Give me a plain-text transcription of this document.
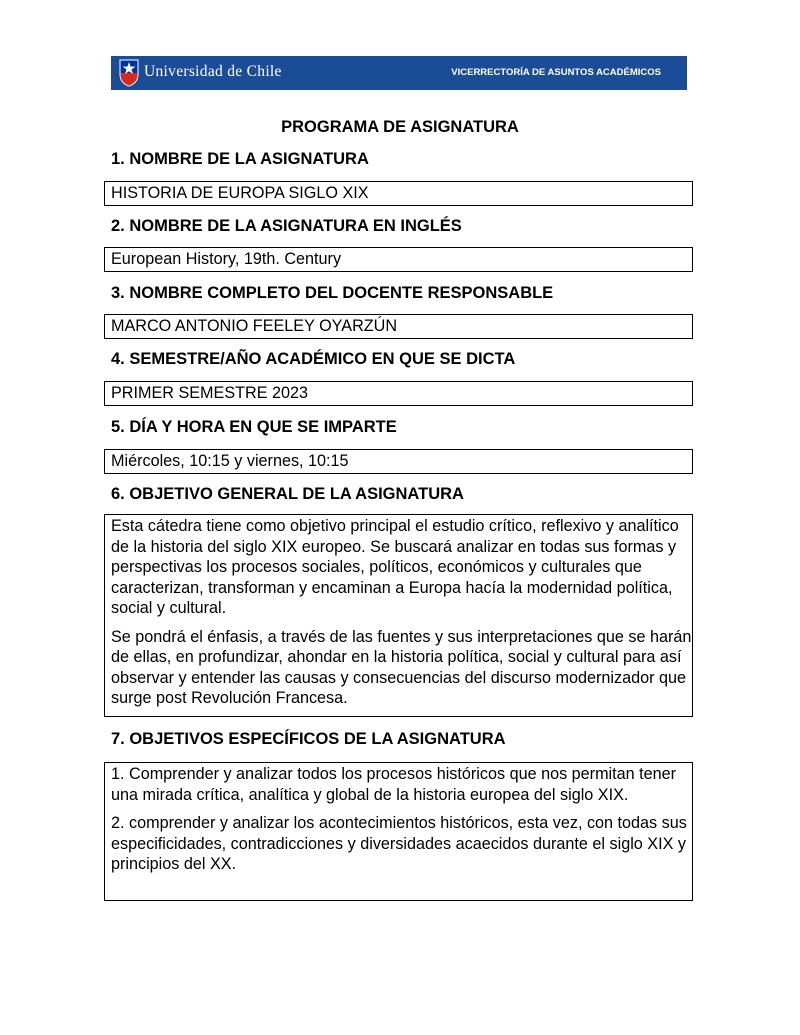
Universidad de Chile	VICERRECTORÍA DE ASUNTOS ACADÉMICOS
PROGRAMA DE ASIGNATURA
1. NOMBRE DE LA ASIGNATURA

HISTORIA DE EUROPA SIGLO XIX

2. NOMBRE DE LA ASIGNATURA EN INGLÉS

European History, 19th. Century

3. NOMBRE COMPLETO DEL DOCENTE RESPONSABLE

MARCO ANTONIO FEELEY OYARZÚN

4. SEMESTRE/AÑO ACADÉMICO EN QUE SE DICTA

PRIMER SEMESTRE 2023

5. DÍA Y HORA EN QUE SE IMPARTE

Miércoles, 10:15 y viernes, 10:15

6. OBJETIVO GENERAL DE LA ASIGNATURA

Esta cátedra tiene como objetivo principal el estudio crítico, reflexivo y analítico de la historia del siglo XIX europeo. Se buscará analizar en todas sus formas y perspectivas los procesos sociales, políticos, económicos y culturales que caracterizan, transforman y encaminan a Europa hacía la modernidad política, social y cultural.

Se pondrá el énfasis, a través de las fuentes y sus interpretaciones que se harán de ellas, en profundizar, ahondar en la historia política, social y cultural para así observar y entender las causas y consecuencias del discurso modernizador que surge post Revolución Francesa.

7. OBJETIVOS ESPECÍFICOS DE LA ASIGNATURA

1. Comprender y analizar todos los procesos históricos que nos permitan tener una mirada crítica, analítica y global de la historia europea del siglo XIX.

2. comprender y analizar los acontecimientos históricos, esta vez, con todas sus especificidades, contradicciones y diversidades acaecidos durante el siglo XIX y principios del XX.
